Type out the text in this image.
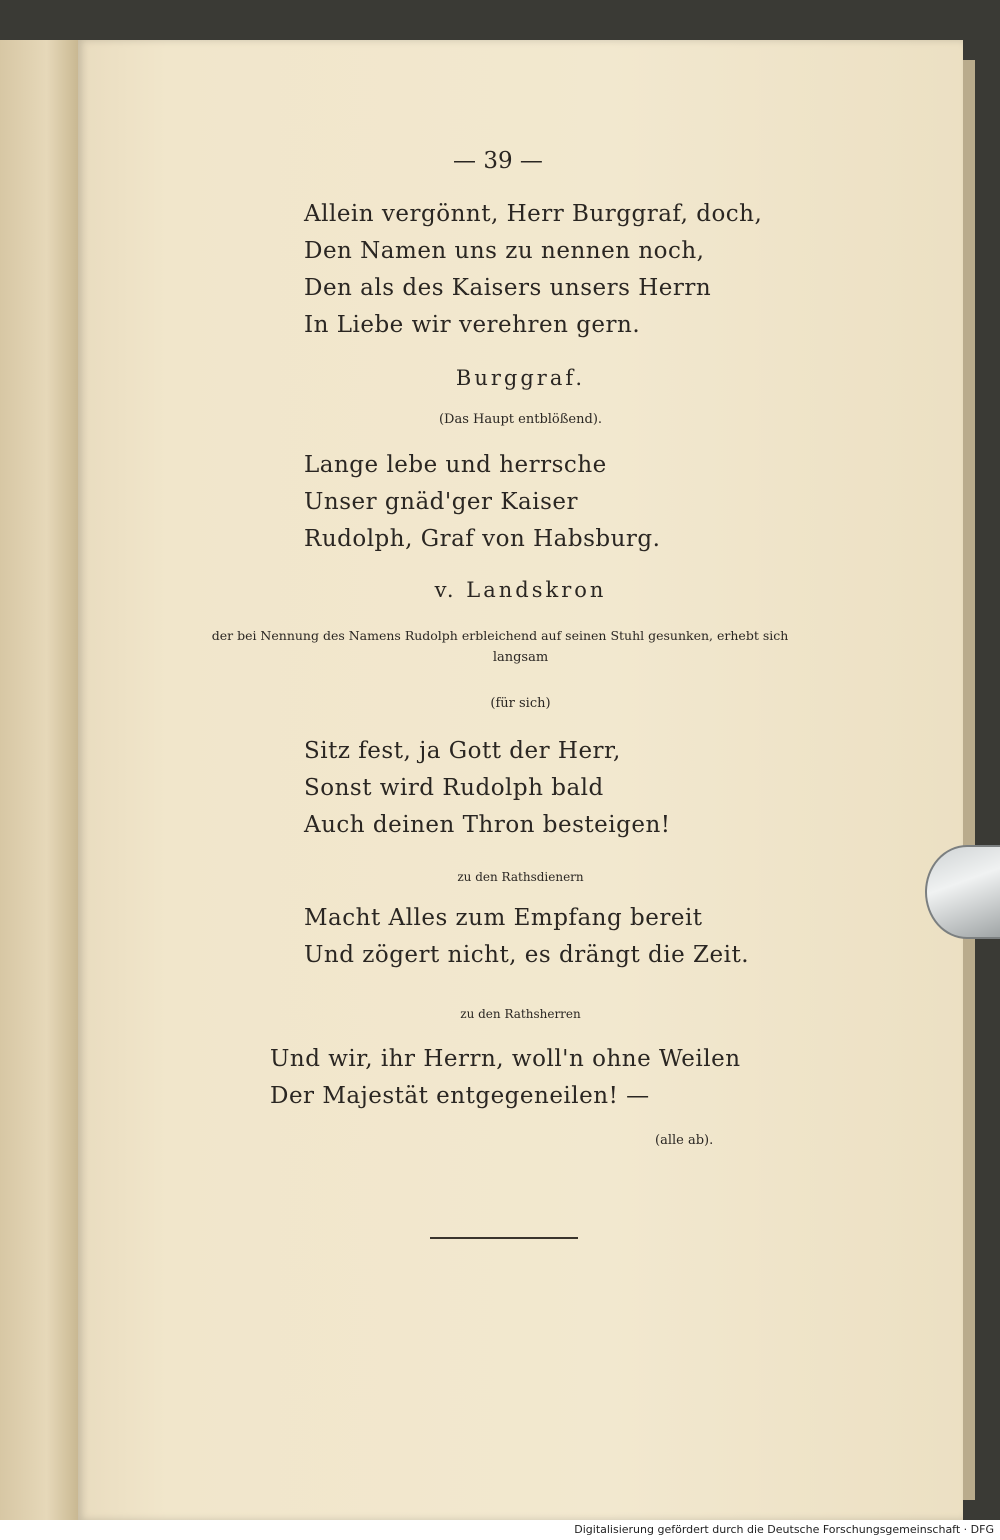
— 39 —
Allein vergönnt, Herr Burggraf, doch,
Den Namen uns zu nennen noch,
Den als des Kaisers unsers Herrn
In Liebe wir verehren gern.
Burggraf.
(Das Haupt entblößend).
Lange lebe und herrsche
Unser gnäd'ger Kaiser
Rudolph, Graf von Habsburg.
v. Landskron
der bei Nennung des Namens Rudolph erbleichend auf seinen Stuhl gesunken, erhebt sich
langsam
(für sich)
Sitz fest, ja Gott der Herr,
Sonst wird Rudolph bald
Auch deinen Thron besteigen!
zu den Rathsdienern
Macht Alles zum Empfang bereit
Und zögert nicht, es drängt die Zeit.
zu den Rathsherren
Und wir, ihr Herrn, woll'n ohne Weilen
Der Majestät entgegeneilen! —
(alle ab).
Digitalisierung gefördert durch die Deutsche Forschungsgemeinschaft · DFG
